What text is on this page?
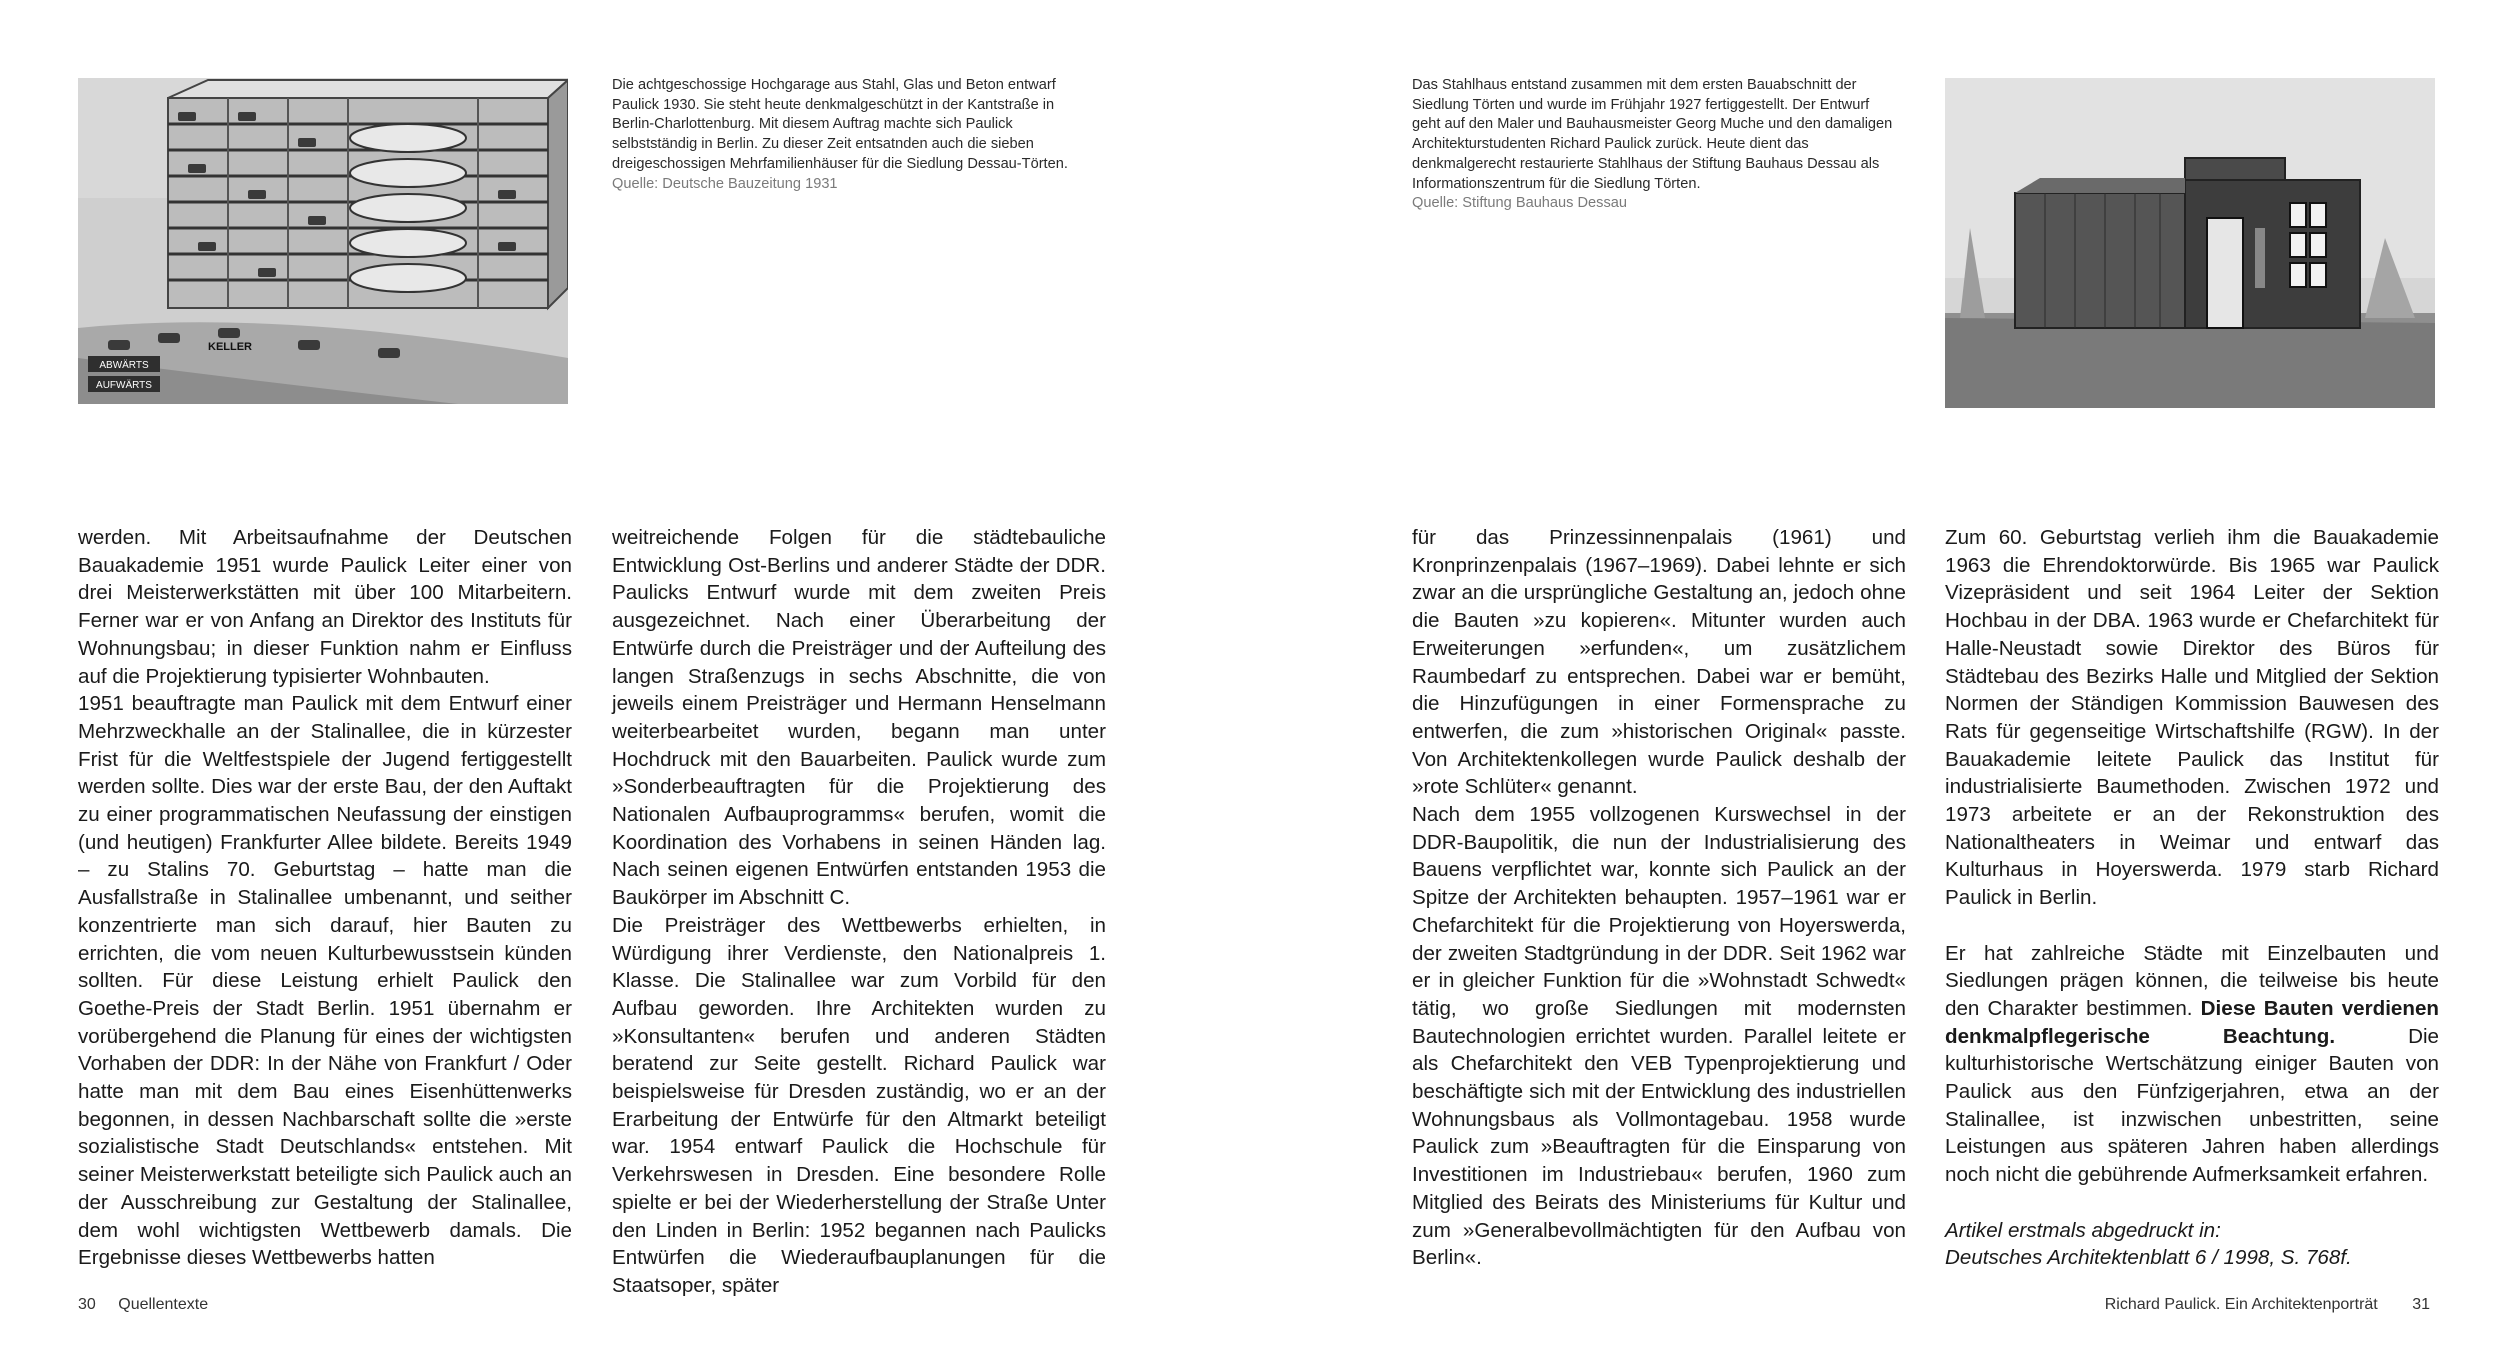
ABWÄRTS
AUFWÄRTS
KELLER
Die achtgeschossige Hochgarage aus Stahl, Glas und Beton entwarf Paulick 1930. Sie steht heute denkmalgeschützt in der Kantstraße in Berlin-Charlottenburg. Mit diesem Auftrag machte sich Paulick selbstständig in Berlin. Zu dieser Zeit entsatnden auch die sieben dreigeschossigen Mehrfamilienhäuser für die Siedlung Dessau-Törten.
Quelle: Deutsche Bauzeitung 1931
Das Stahlhaus entstand zusammen mit dem ersten Bauabschnitt der Siedlung Törten und wurde im Frühjahr 1927 fertiggestellt. Der Entwurf geht auf den Maler und Bauhausmeister Georg Muche und den damaligen Architekturstudenten Richard Paulick zurück. Heute dient das denkmalgerecht restaurierte Stahlhaus der Stiftung Bauhaus Dessau als Informationszentrum für die Siedlung Törten.
Quelle: Stiftung Bauhaus Dessau

werden. Mit Arbeitsaufnahme der Deutschen Bauakademie 1951 wurde Paulick Leiter einer von drei Meisterwerkstätten mit über 100 Mitarbeitern. Ferner war er von Anfang an Direktor des Instituts für Wohnungsbau; in dieser Funktion nahm er Einfluss auf die Projektierung typisierter Wohnbauten.

1951 beauftragte man Paulick mit dem Entwurf einer Mehrzweckhalle an der Stalinallee, die in kürzester Frist für die Weltfestspiele der Jugend fertiggestellt werden sollte. Dies war der erste Bau, der den Auftakt zu einer programmatischen Neufassung der einstigen (und heutigen) Frankfurter Allee bildete. Bereits 1949 – zu Stalins 70. Geburtstag – hatte man die Ausfallstraße in Stalinallee umbenannt, und seither konzentrierte man sich darauf, hier Bauten zu errichten, die vom neuen Kulturbewusstsein künden sollten. Für diese Leistung erhielt Paulick den Goethe-Preis der Stadt Berlin. 1951 übernahm er vorübergehend die Planung für eines der wichtigsten Vorhaben der DDR: In der Nähe von Frankfurt / Oder hatte man mit dem Bau eines Eisenhüttenwerks begonnen, in dessen Nachbarschaft sollte die »erste sozialistische Stadt Deutschlands« entstehen. Mit seiner Meisterwerkstatt beteiligte sich Paulick auch an der Ausschreibung zur Gestaltung der Stalinallee, dem wohl wichtigsten Wettbewerb damals. Die Ergebnisse dieses Wettbewerbs hatten

weitreichende Folgen für die städtebauliche Entwicklung Ost-Berlins und anderer Städte der DDR. Paulicks Entwurf wurde mit dem zweiten Preis ausgezeichnet. Nach einer Überarbeitung der Entwürfe durch die Preisträger und der Aufteilung des langen Straßenzugs in sechs Abschnitte, die von jeweils einem Preisträger und Hermann Henselmann weiterbearbeitet wurden, begann man unter Hochdruck mit den Bauarbeiten. Paulick wurde zum »Sonderbeauftragten für die Projektierung des Nationalen Aufbauprogramms« berufen, womit die Koordination des Vorhabens in seinen Händen lag. Nach seinen eigenen Entwürfen entstanden 1953 die Baukörper im Abschnitt C.

Die Preisträger des Wettbewerbs erhielten, in Würdigung ihrer Verdienste, den Nationalpreis 1. Klasse. Die Stalinallee war zum Vorbild für den Aufbau geworden. Ihre Architekten wurden zu »Konsultanten« berufen und anderen Städten beratend zur Seite gestellt. Richard Paulick war beispielsweise für Dresden zuständig, wo er an der Erarbeitung der Entwürfe für den Altmarkt beteiligt war. 1954 entwarf Paulick die Hochschule für Verkehrswesen in Dresden. Eine besondere Rolle spielte er bei der Wiederherstellung der Straße Unter den Linden in Berlin: 1952 begannen nach Paulicks Entwürfen die Wiederaufbauplanungen für die Staatsoper, später

für das Prinzessinnenpalais (1961) und Kronprinzenpalais (1967–1969). Dabei lehnte er sich zwar an die ursprüngliche Gestaltung an, jedoch ohne die Bauten »zu kopieren«. Mitunter wurden auch Erweiterungen »erfunden«, um zusätzlichem Raumbedarf zu entsprechen. Dabei war er bemüht, die Hinzufügungen in einer Formensprache zu entwerfen, die zum »historischen Original« passte. Von Architektenkollegen wurde Paulick deshalb der »rote Schlüter« genannt.

Nach dem 1955 vollzogenen Kurswechsel in der DDR-Baupolitik, die nun der Industrialisierung des Bauens verpflichtet war, konnte sich Paulick an der Spitze der Architekten behaupten. 1957–1961 war er Chefarchitekt für die Projektierung von Hoyerswerda, der zweiten Stadtgründung in der DDR. Seit 1962 war er in gleicher Funktion für die »Wohnstadt Schwedt« tätig, wo große Siedlungen mit modernsten Bautechnologien errichtet wurden. Parallel leitete er als Chefarchitekt den VEB Typenprojektierung und beschäftigte sich mit der Entwicklung des industriellen Wohnungsbaus als Vollmontagebau. 1958 wurde Paulick zum »Beauftragten für die Einsparung von Investitionen im Industriebau« berufen, 1960 zum Mitglied des Beirats des Ministeriums für Kultur und zum »Generalbevollmächtigten für den Aufbau von Berlin«.

Zum 60. Geburtstag verlieh ihm die Bauakademie 1963 die Ehrendoktorwürde. Bis 1965 war Paulick Vizepräsident und seit 1964 Leiter der Sektion Hochbau in der DBA. 1963 wurde er Chefarchitekt für Halle-Neustadt sowie Direktor des Büros für Städtebau des Bezirks Halle und Mitglied der Sektion Normen der Ständigen Kommission Bauwesen des Rats für gegenseitige Wirtschaftshilfe (RGW). In der Bauakademie leitete Paulick das Institut für industrialisierte Baumethoden. Zwischen 1972 und 1973 arbeitete er an der Rekonstruktion des Nationaltheaters in Weimar und entwarf das Kulturhaus in Hoyerswerda. 1979 starb Richard Paulick in Berlin.

Er hat zahlreiche Städte mit Einzelbauten und Siedlungen prägen können, die teilweise bis heute den Charakter bestimmen. Diese Bauten verdienen denkmalpflegerische Beachtung.	Die kulturhistorische Wertschätzung einiger Bauten von Paulick aus den Fünfzigerjahren, etwa an der Stalinallee, ist inzwischen unbestritten, seine Leistungen aus späteren Jahren haben allerdings noch nicht die gebührende Aufmerksamkeit erfahren.

Artikel erstmals abgedruckt in:
Deutsches Architektenblatt 6 / 1998, S. 768f.

30 Quellentexte	Richard Paulick. Ein Architektenporträt 31
